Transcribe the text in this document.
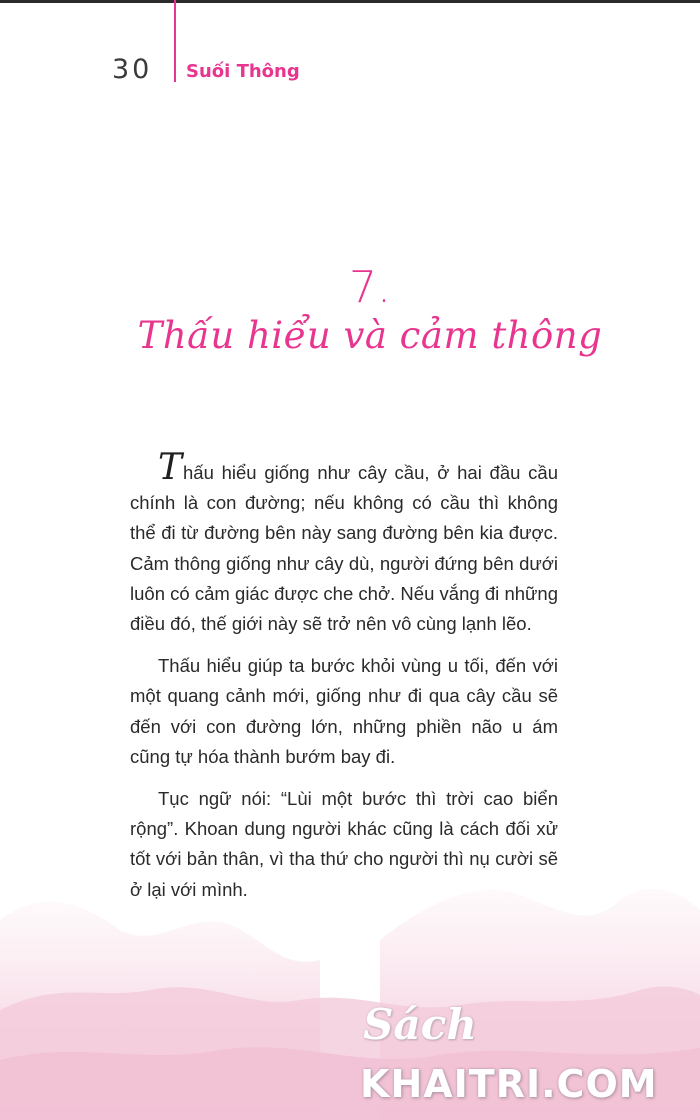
30 Suối Thông
7.
Thấu hiểu và cảm thông

Thấu hiểu giống như cây cầu, ở hai đầu cầu chính là con đường; nếu không có cầu thì không thể đi từ đường bên này sang đường bên kia được. Cảm thông giống như cây dù, người đứng bên dưới luôn có cảm giác được che chở. Nếu vắng đi những điều đó, thế giới này sẽ trở nên vô cùng lạnh lẽo.

Thấu hiểu giúp ta bước khỏi vùng u tối, đến với một quang cảnh mới, giống như đi qua cây cầu sẽ đến với con đường lớn, những phiền não u ám cũng tự hóa thành bướm bay đi.

Tục ngữ nói: “Lùi một bước thì trời cao biển rộng”. Khoan dung người khác cũng là cách đối xử tốt với bản thân, vì tha thứ cho người thì nụ cười sẽ ở lại với mình.

Sách
KHAITRI.COM
